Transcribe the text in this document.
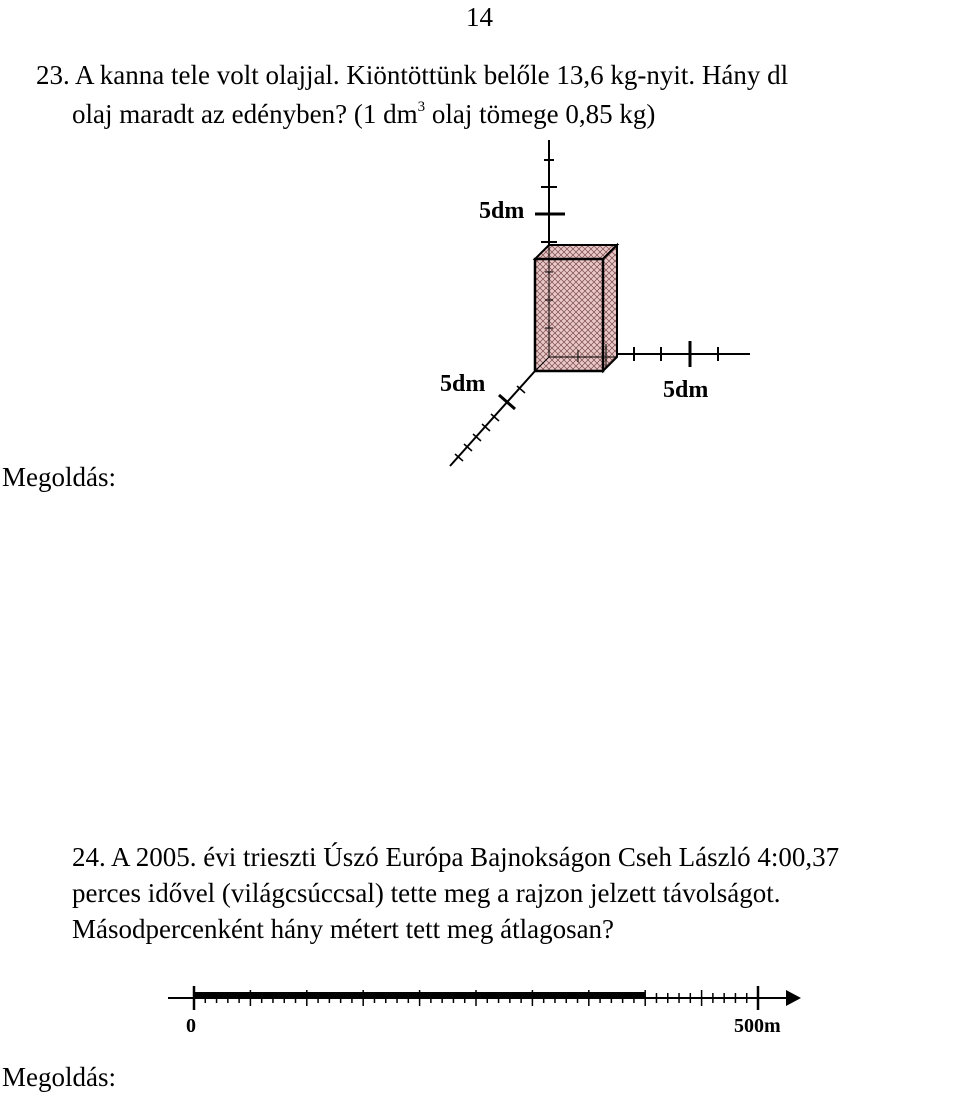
14
23. A kanna tele volt olajjal. Kiöntöttünk belőle 13,6 kg-nyit. Hány dl
olaj maradt az edényben? (1 $dm^3$ olaj tömege 0,85 kg)
5dm
5dm	5dm
Megoldás:
24. A 2005. évi trieszti Úszó Európa Bajnokságon Cseh László 4:00,37
perces idővel (világcsúccsal) tette meg a rajzon jelzett távolságot.
Másodpercenként hány métert tett meg átlagosan?
0	500m
Megoldás:
